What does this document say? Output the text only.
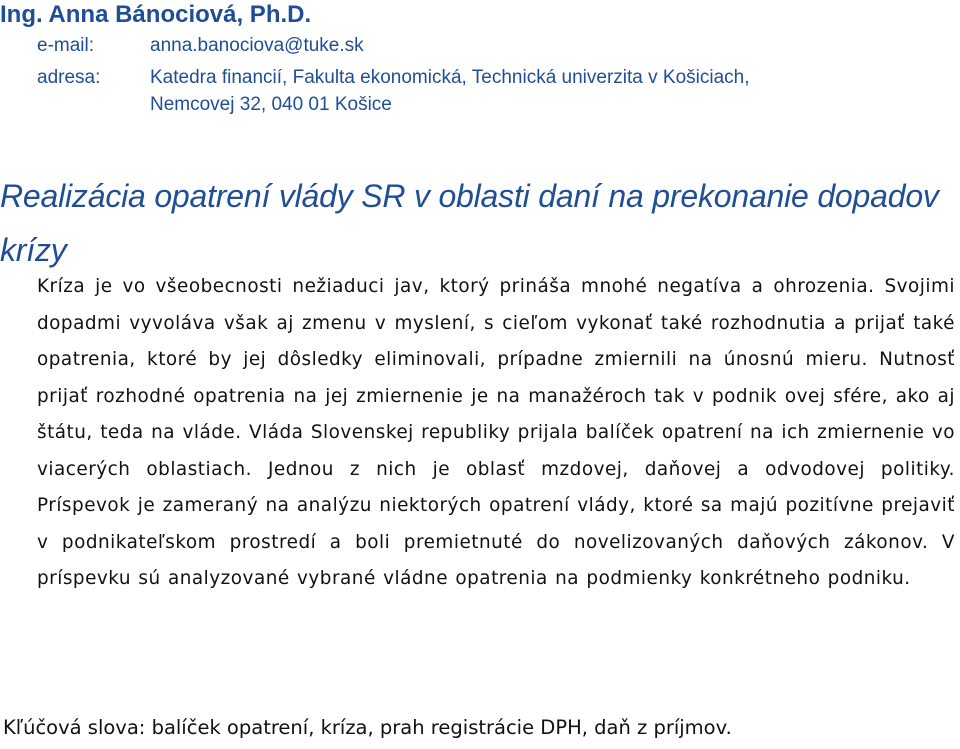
Ing. Anna Bánociová, Ph.D.
e-mail:	anna.banociova@tuke.sk
adresa:	Katedra financií, Fakulta ekonomická, Technická univerzita v Košiciach,
Nemcovej 32, 040 01 Košice
Realizácia opatrení vlády SR v oblasti daní na prekonanie dopadov krízy

Kríza je vo všeobecnosti nežiaduci jav, ktorý prináša mnohé negatíva a ohrozenia. Svojimi dopadmi vyvoláva však aj zmenu v myslení, s cieľom vykonať také rozhodnutia a prijať také opatrenia, ktoré by jej dôsledky eliminovali, prípadne zmiernili na únosnú mieru. Nutnosť prijať rozhodné opatrenia na jej zmiernenie je na manažéroch tak v podnik ovej sfére, ako aj štátu, teda na vláde. Vláda Slovenskej republiky prijala balíček opatrení na ich zmiernenie vo viacerých oblastiach. Jednou z nich je oblasť mzdovej, daňovej a odvodovej politiky. Príspevok je zameraný na analýzu niektorých opatrení vlády, ktoré sa majú pozitívne prejaviť v podnikateľskom prostredí a boli premietnuté do novelizovaných daňových zákonov. V príspevku sú analyzované vybrané vládne opatrenia na podmienky konkrétneho podniku.

Kľúčová slova: balíček opatrení, kríza, prah registrácie DPH, daň z príjmov.
